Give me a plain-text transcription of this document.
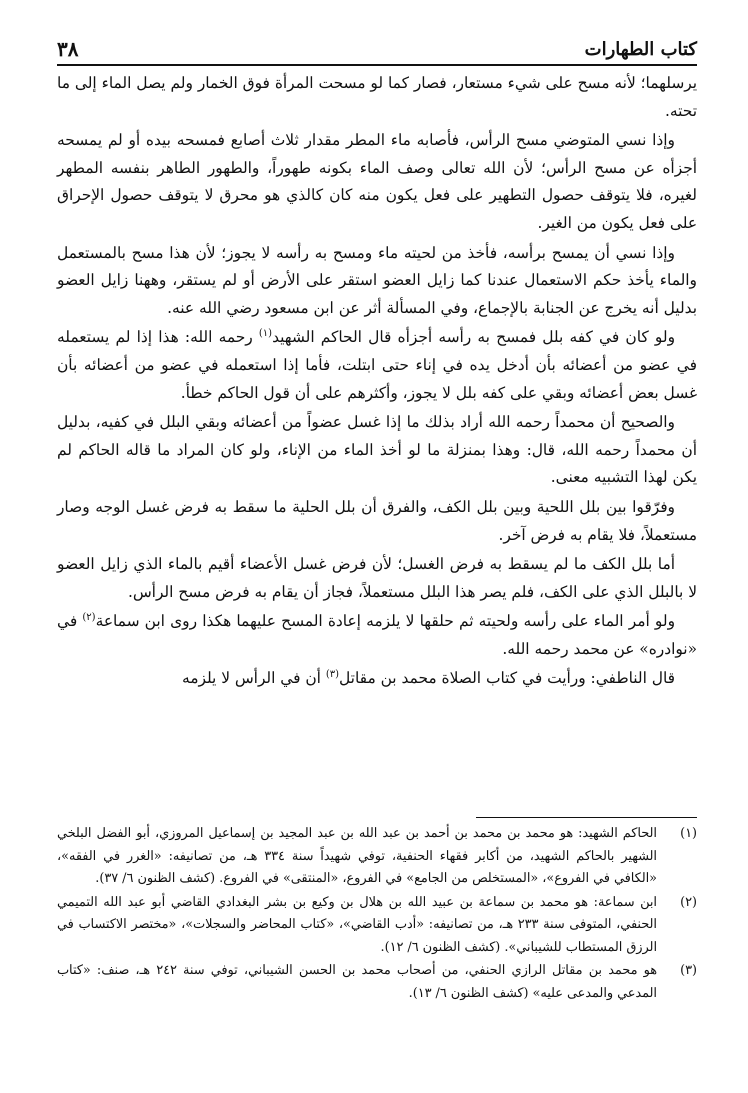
كتاب الطهارات
٣٨

يرسلهما؛ لأنه مسح على شيء مستعار، فصار كما لو مسحت المرأة فوق الخمار ولم يصل الماء إلى ما تحته.

وإذا نسي المتوضي مسح الرأس، فأصابه ماء المطر مقدار ثلاث أصابع فمسحه بيده أو لم يمسحه أجزأه عن مسح الرأس؛ لأن الله تعالى وصف الماء بكونه طهوراً، والطهور الطاهر بنفسه المطهر لغيره، فلا يتوقف حصول التطهير على فعل يكون منه كان كالذي هو محرق لا يتوقف حصول الإحراق على فعل يكون من الغير.

وإذا نسي أن يمسح برأسه، فأخذ من لحيته ماء ومسح به رأسه لا يجوز؛ لأن هذا مسح بالمستعمل والماء يأخذ حكم الاستعمال عندنا كما زايل العضو استقر على الأرض أو لم يستقر، وههنا زايل العضو بدليل أنه يخرج عن الجنابة بالإجماع، وفي المسألة أثر عن ابن مسعود رضي الله عنه.

ولو كان في كفه بلل فمسح به رأسه أجزأه قال الحاكم الشهيد$^{(١)}$ رحمه الله: هذا إذا لم يستعمله في عضو من أعضائه بأن أدخل يده في إناء حتى ابتلت، فأما إذا استعمله في عضو من أعضائه بأن غسل بعض أعضائه وبقي على كفه بلل لا يجوز، وأكثرهم على أن قول الحاكم خطأ.

والصحيح أن محمداً رحمه الله أراد بذلك ما إذا غسل عضواً من أعضائه وبقي البلل في كفيه، بدليل أن محمداً رحمه الله، قال: وهذا بمنزلة ما لو أخذ الماء من الإناء، ولو كان المراد ما قاله الحاكم لم يكن لهذا التشبيه معنى.

وفرّقوا بين بلل اللحية وبين بلل الكف، والفرق أن بلل الحلية ما سقط به فرض غسل الوجه وصار مستعملاً، فلا يقام به فرض آخر.

أما بلل الكف ما لم يسقط به فرض الغسل؛ لأن فرض غسل الأعضاء أقيم بالماء الذي زايل العضو لا بالبلل الذي على الكف، فلم يصر هذا البلل مستعملاً، فجاز أن يقام به فرض مسح الرأس.

ولو أمر الماء على رأسه ولحيته ثم حلقها لا يلزمه إعادة المسح عليهما هكذا روى ابن سماعة$^{(٢)}$ في «نوادره» عن محمد رحمه الله.

قال الناطفي: ورأيت في كتاب الصلاة محمد بن مقاتل$^{(٣)}$ أن في الرأس لا يلزمه

(١)
الحاكم الشهيد: هو محمد بن محمد بن أحمد بن عبد الله بن عبد المجيد بن إسماعيل المروزي، أبو الفضل البلخي الشهير بالحاكم الشهيد، من أكابر فقهاء الحنفية، توفي شهيداً سنة ٣٣٤ هـ، من تصانيفه: «الغرر في الفقه»، «الكافي في الفروع»، «المستخلص من الجامع» في الفروع، «المنتقى» في الفروع. (كشف الظنون ٦/ ٣٧).
(٢)
ابن سماعة: هو محمد بن سماعة بن عبيد الله بن هلال بن وكيع بن بشر البغدادي القاضي أبو عبد الله التميمي الحنفي، المتوفى سنة ٢٣٣ هـ، من تصانيفه: «أدب القاضي»، «كتاب المحاضر والسجلات»، «مختصر الاكتساب في الرزق المستطاب للشيباني». (كشف الظنون ٦/ ١٢).
(٣)
هو محمد بن مقاتل الرازي الحنفي، من أصحاب محمد بن الحسن الشيباني، توفي سنة ٢٤٢ هـ، صنف: «كتاب المدعي والمدعى عليه» (كشف الظنون ٦/ ١٣).
